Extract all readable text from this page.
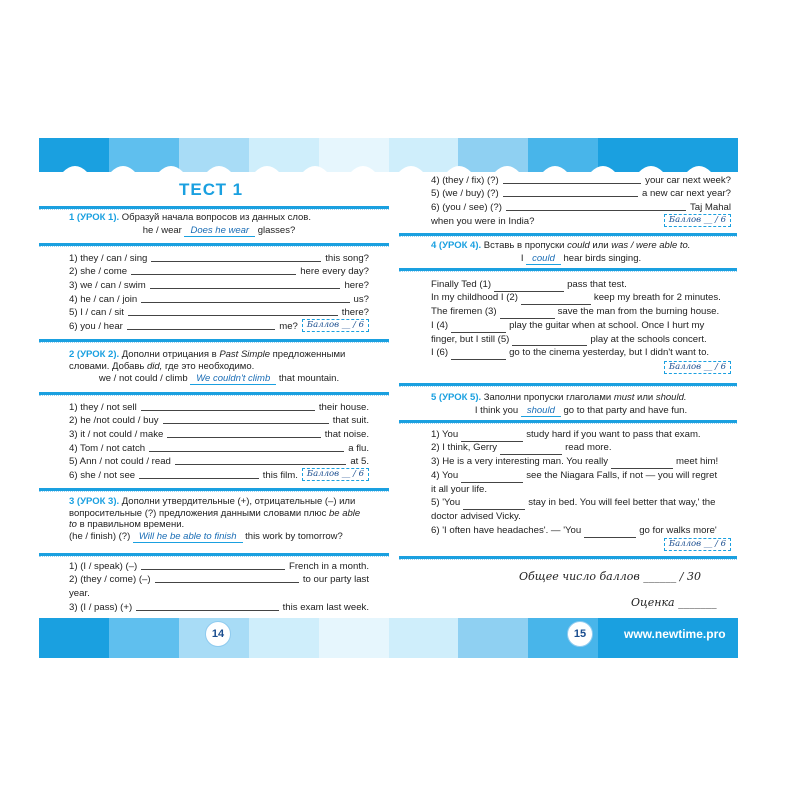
14	15	www.newtime.pro
ТЕСТ 1
1 (УРОК 1). Образуй начала вопросов из данных слов.
he / wear Does he wear glasses?
1) they / can / sing	this song?
2) she / come	here every day?
3) we / can / swim	here?
4) he / can / join	us?
5) I / can / sit	there?
6) you / hear	me?	Баллов __ / 6
2 (УРОК 2). Дополни отрицания в Past Simple предложенными словами. Добавь did, где это необходимо.
we / not could / climb We couldn't climb that mountain.
1) they / not sell	their house.
2) he /not could / buy	that suit.
3) it / not could / make	that noise.
4) Tom / not catch	a flu.
5) Ann / not could / read	at 5.
6) she / not see	this film.	Баллов __ / 6
3 (УРОК 3). Дополни утвердительные (+), отрицательные (–) или вопросительные (?) предложения данными словами плюс be able to в правильном времени.
(he / finish) (?) Will he be able to finish this work by tomorrow?
1) (I / speak) (–)	French in a month.
2) (they / come) (–)	to our party last
year.
3) (I / pass) (+)	this exam last week.
4) (they / fix) (?)	your car next week?
5) (we / buy) (?)	a new car next year?
6) (you / see) (?)	Taj Mahal
when you were in India?	Баллов __ / 6
4 (УРОК 4). Вставь в пропуски could или was / were able to.
I could hear birds singing.
Finally Ted (1)	pass that test.
In my childhood I (2)	keep my breath for 2 minutes.
The firemen (3)	save the man from the burning house.
I (4)	play the guitar when at school. Once I hurt my
finger, but I still (5)	play at the schools concert.
I (6)	go to the cinema yesterday, but I didn't want to.
Баллов __ / 6
5 (УРОК 5). Заполни пропуски глаголами must или should.
I think you should go to that party and have fun.
1) You	study hard if you want to pass that exam.
2) I think, Gerry	read more.
3) He is a very interesting man. You really	meet him!
4) You	see the Niagara Falls, if not — you will regret
it all your life.
5) 'You	stay in bed. You will feel better that way,' the
doctor advised Vicky.
6) 'I often have headaches'. — 'You	go for walks more'
Баллов __ / 6
Общее число баллов ______ / 30
Оценка _______
